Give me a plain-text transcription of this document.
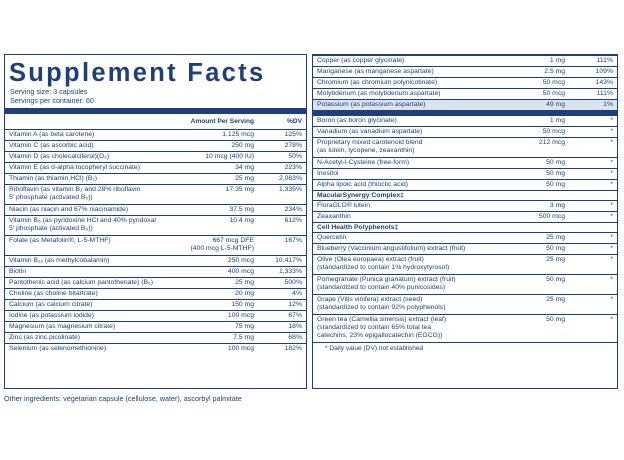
Supplement Facts
Serving size: 3 capsules
Servings per container: 60
Amount Per Serving	%DV
Vitamin A (as beta carotene)	1,125 mcg	125%
Vitamin C (as ascorbic acid)	250 mg	278%
Vitamin D (as cholecalciferol)(D₃)	10 mcg (400 IU)	50%
Vitamin E (as d-alpha tocopheryl succinate)	34 mg	223%
Thiamin (as thiamin HCl) (B₁)	25 mg	2,083%
Riboflavin (as vitamin B₂ and 28% riboflavin
5′ phosphate (activated B₂))
17.35 mg	1,335%
Niacin (as niacin and 67% niacinamide)	37.5 mg	234%
Vitamin B₆ (as pyridoxine HCl and 40% pyridoxal
5′ phosphate (activated B₆))
10.4 mg	612%
Folate (as Metafolin®, L-5-MTHF)	667 mcg DFE
(400 mcg L-5-MTHF)
167%
Vitamin B₁₂ (as methylcobalamin)	250 mcg	10,417%
Biotin	400 mcg	1,333%
Pantothenic acid (as calcium pantothenate) (B₅)	25 mg	500%
Choline (as choline bitartrate)	20 mg	4%
Calcium (as calcium citrate)	150 mg	12%
Iodine (as potassium iodide)	100 mcg	67%
Magnesium (as magnesium citrate)	75 mg	18%
Zinc (as zinc picolinate)	7.5 mg	68%
Selenium (as selenomethionine)	100 mcg	182%
Copper (as copper glycinate)	1 mg	111%
Manganese (as manganese aspartate)	2.5 mg	109%
Chromium (as chromium polynicotinate)	50 mcg	143%
Molybdenum (as molybdenum aspartate)	50 mcg	111%
Potassium (as potassium aspartate)	49 mg	1%
Boron (as boron glycinate)	1 mg	*
Vanadium (as vanadium aspartate)	50 mcg	*
Proprietary mixed carotenoid blend
(as lutein, lycopene, zeaxanthin)
212 mcg	*
N-Acetyl-l-Cysteine (free-form)	50 mg	*
Inositol	50 mg	*
Alpha lipoic acid (thioctic acid)	50 mg	*
MacularSynergy Complex‡
FloraGLO® lutein	3 mg	*
Zeaxanthin	500 mcg	*
Cell Health Polyphenols‡
Quercetin	25 mg	*
Blueberry (Vaccinium angustifolium) extract (fruit)	50 mg	*
Olive (Olea europaea) extract (fruit)
(standardized to contain 1% hydroxytyrosol)
25 mg	*
Pomegranate (Punica granatum) extract (fruit)
(standardized to contain 40% punicosides)
50 mg	*
Grape (Vitis vinifera) extract (seed)
(standardized to contain 92% polyphenols)
25 mg	*
Green tea (Camellia sinensis) extract (leaf)
(standardized to contain 65% total tea
catechins, 23% epigallocatechin (EGCG))
50 mg	*
* Daily value (DV) not established
Other ingredients: vegetarian capsule (cellulose, water), ascorbyl palmitate
